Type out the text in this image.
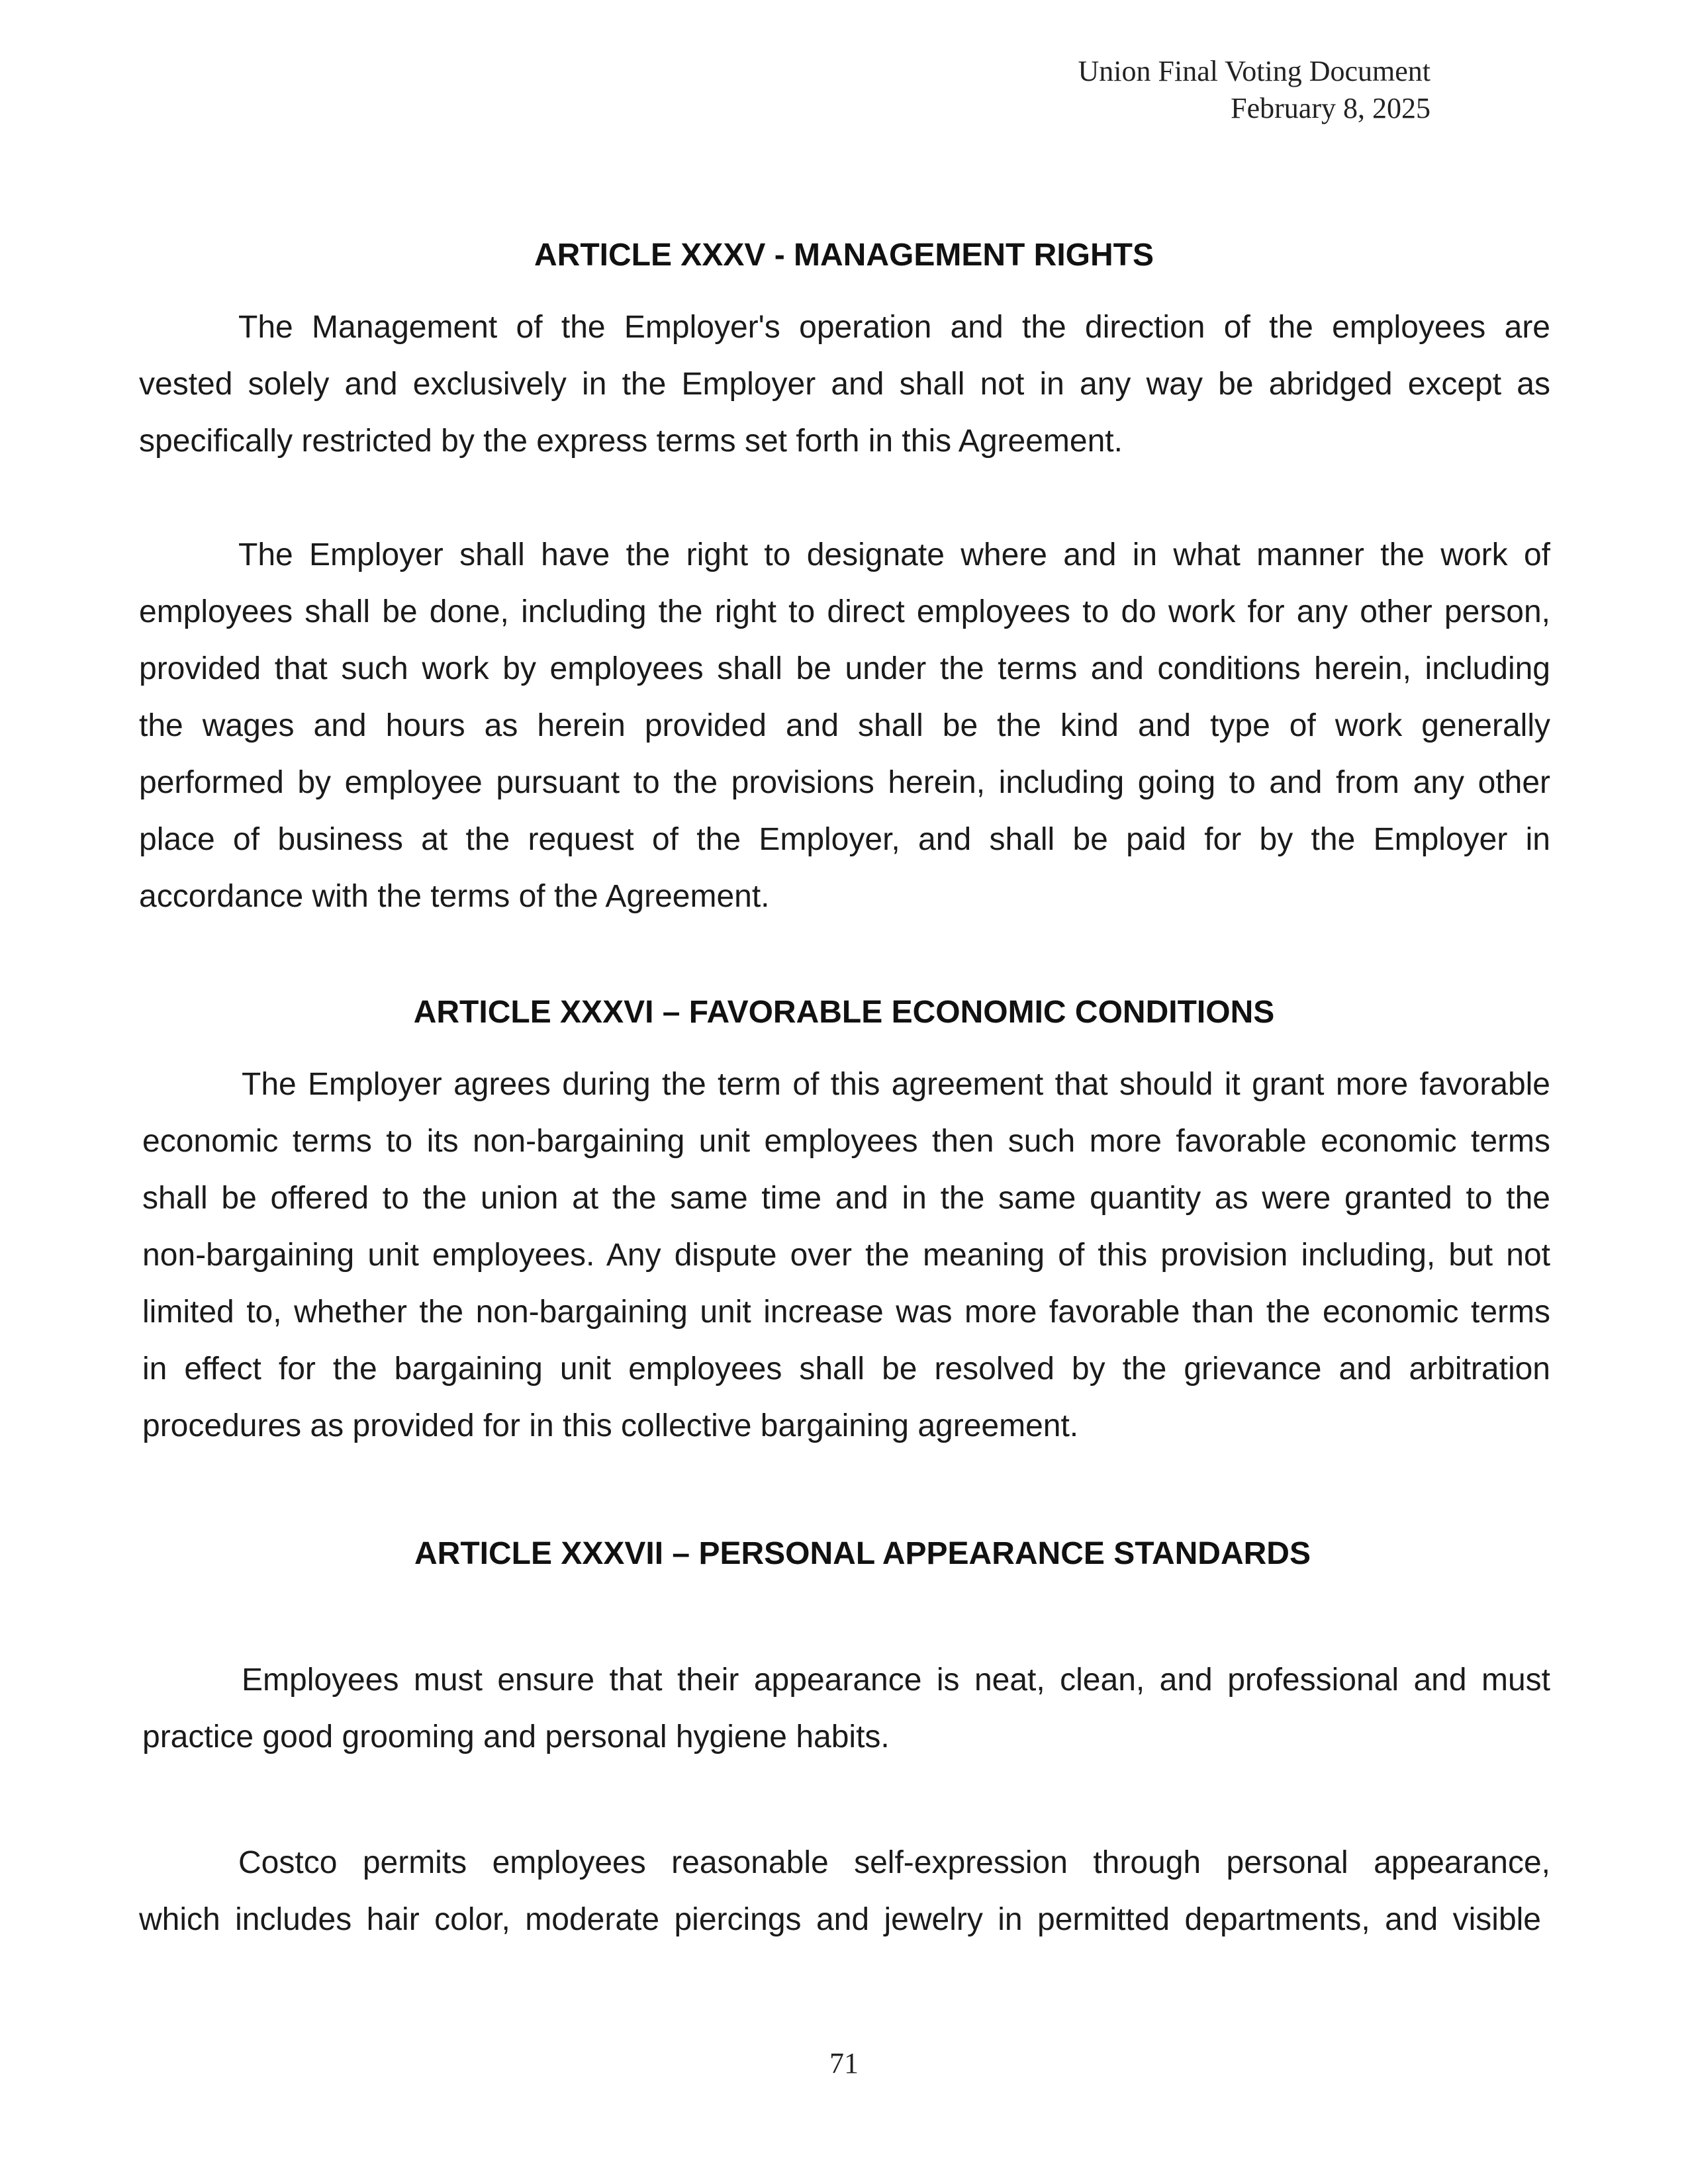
Union Final Voting Document
February 8, 2025
ARTICLE XXXV - MANAGEMENT RIGHTS
The Management of the Employer's operation and the direction of the employees are
vested solely and exclusively in the Employer and shall not in any way be abridged except as
specifically restricted by the express terms set forth in this Agreement.
The Employer shall have the right to designate where and in what manner the work of
employees shall be done, including the right to direct employees to do work for any other person,
provided that such work by employees shall be under the terms and conditions herein, including
the wages and hours as herein provided and shall be the kind and type of work generally
performed by employee pursuant to the provisions herein, including going to and from any other
place of business at the request of the Employer, and shall be paid for by the Employer in
accordance with the terms of the Agreement.
ARTICLE XXXVI – FAVORABLE ECONOMIC CONDITIONS
The Employer agrees during the term of this agreement that should it grant more favorable
economic terms to its non-bargaining unit employees then such more favorable economic terms
shall be offered to the union at the same time and in the same quantity as were granted to the
non-bargaining unit employees. Any dispute over the meaning of this provision including, but not
limited to, whether the non-bargaining unit increase was more favorable than the economic terms
in effect for the bargaining unit employees shall be resolved by the grievance and arbitration
procedures as provided for in this collective bargaining agreement.
ARTICLE XXXVII – PERSONAL APPEARANCE STANDARDS
Employees must ensure that their appearance is neat, clean, and professional and must
practice good grooming and personal hygiene habits.
Costco permits employees reasonable self-expression through personal appearance,
which includes hair color, moderate piercings and jewelry in permitted departments, and visible
71
